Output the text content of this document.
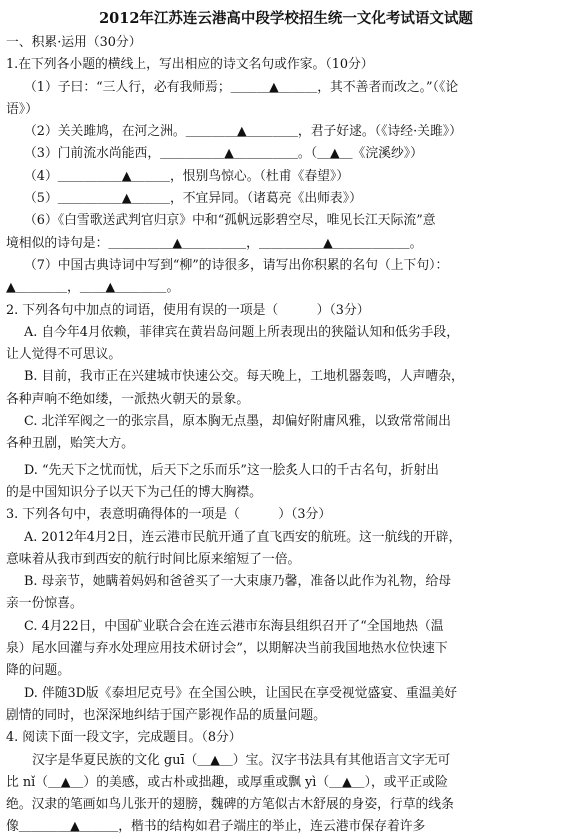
2012年江苏连云港高中段学校招生统一文化考试语文试题
一、积累·运用（30分）
1.在下列各小题的横线上，写出相应的诗文名句或作家。（10分）
（1）子曰：“三人行，必有我师焉；＿＿＿▲＿＿＿，其不善者而改之。”（《论
语》）
（2）关关雎鸠，在河之洲。＿＿＿＿▲＿＿＿＿，君子好逑。（《诗经·关雎》）
（3）门前流水尚能西，＿＿＿＿＿▲＿＿＿＿＿。（＿▲＿《浣溪纱》）
（4）＿＿＿＿＿▲＿＿＿，恨别鸟惊心。（杜甫《春望》）
（5）＿＿＿＿＿▲＿＿＿，不宜异同。（诸葛亮《出师表》）
（6）《白雪歌送武判官归京》中和“孤帆远影碧空尽，唯见长江天际流”意
境相似的诗句是：＿＿＿＿＿▲＿＿＿＿＿，＿＿＿＿＿▲＿＿＿＿＿＿。
（7）中国古典诗词中写到“柳”的诗很多，请写出你积累的名句（上下句）：
▲＿＿＿＿，＿＿▲＿＿＿＿。
2. 下列各句中加点的词语，使用有误的一项是（　　　）（3分）
A. 自今年4月依赖，菲律宾在黄岩岛问题上所表现出的狭隘认知和低劣手段，
让人觉得不可思议。
B. 目前，我市正在兴建城市快速公交。每天晚上，工地机器轰鸣，人声嘈杂，
各种声响不绝如缕，一派热火朝天的景象。
C. 北洋军阀之一的张宗昌，原本胸无点墨，却偏好附庸风雅，以致常常闹出
各种丑剧，贻笑大方。
D. “先天下之忧而忧，后天下之乐而乐”这一脍炙人口的千古名句，折射出
的是中国知识分子以天下为己任的博大胸襟。
3. 下列各句中，表意明确得体的一项是（　　　）（3分）
A. 2012年4月2日，连云港市民航开通了直飞西安的航班。这一航线的开辟，
意味着从我市到西安的航行时间比原来缩短了一倍。
B. 母亲节，她瞒着妈妈和爸爸买了一大束康乃馨，准备以此作为礼物，给母
亲一份惊喜。
C. 4月22日，中国矿业联合会在连云港市东海县组织召开了“全国地热（温
泉）尾水回灌与弃水处理应用技术研讨会”，以期解决当前我国地热水位快速下
降的问题。
D. 伴随3D版《泰坦尼克号》在全国公映，让国民在享受视觉盛宴、重温美好
剧情的同时，也深深地纠结于国产影视作品的质量问题。
4. 阅读下面一段文字，完成题目。（8分）
汉字是华夏民族的文化 guī（＿▲＿）宝。汉字书法具有其他语言文字无可
比 nǐ（＿▲＿）的美感，或古朴或拙趣，或厚重或飘 yì（＿▲＿），或平正或险
绝。汉隶的笔画如鸟儿张开的翅膀，魏碑的方笔似古木舒展的身姿，行草的线条
像＿＿＿＿▲＿＿＿，楷书的结构如君子端庄的举止，连云港市保存着许多
